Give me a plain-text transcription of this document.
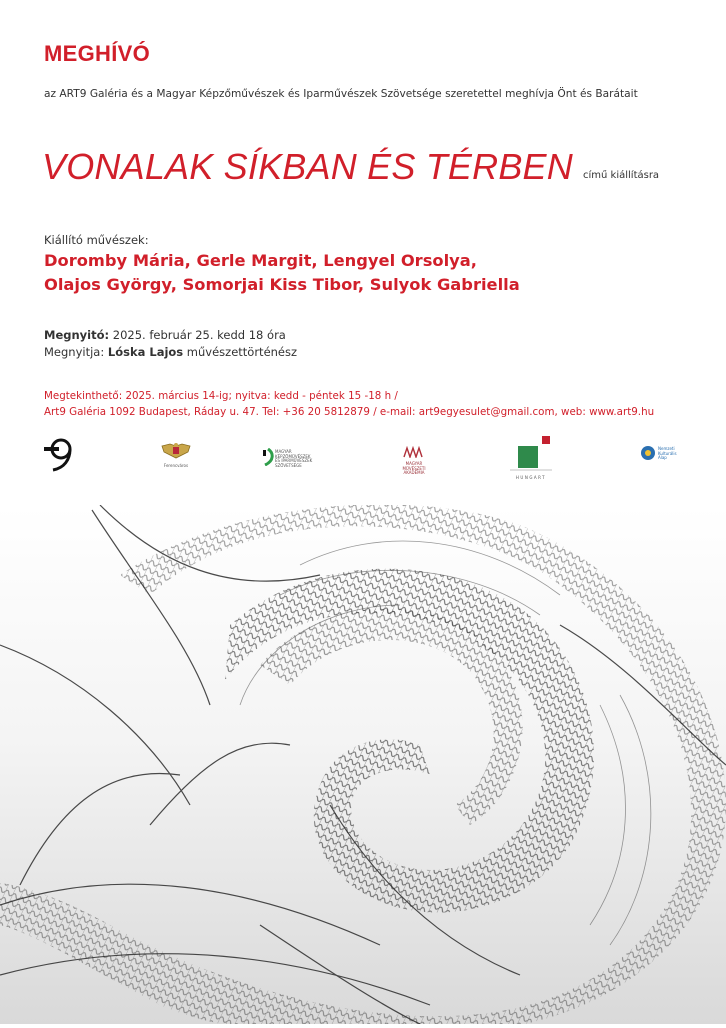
MEGHÍVÓ
az ART9 Galéria és a Magyar Képzőművészek és Iparművészek Szövetsége szeretettel meghívja Önt és Barátait
VONALAK SÍKBAN ÉS TÉRBEN című kiállításra
Kiállító művészek:
Doromby Mária, Gerle Margit, Lengyel Orsolya,
Olajos György, Somorjai Kiss Tibor, Sulyok Gabriella
Megnyitó: 2025. február 25. kedd 18 óra
Megnyitja: Lóska Lajos művészettörténész
Megtekinthető: 2025. március 14-ig; nyitva: kedd - péntek 15 -18 h /
Art9 Galéria 1092 Budapest, Ráday u. 47. Tel: +36 20 5812879 / e-mail: art9egyesulet@gmail.com, web: www.art9.hu
Ferencváros
MAGYAR
KÉPZŐMŰVÉSZEK
ÉS IPARMŰVÉSZEK
SZÖVETSÉGE	MAGYAR
MŰVÉSZETI
AKADÉMIA
HUNGART
Nemzeti
Kulturális
Alap
